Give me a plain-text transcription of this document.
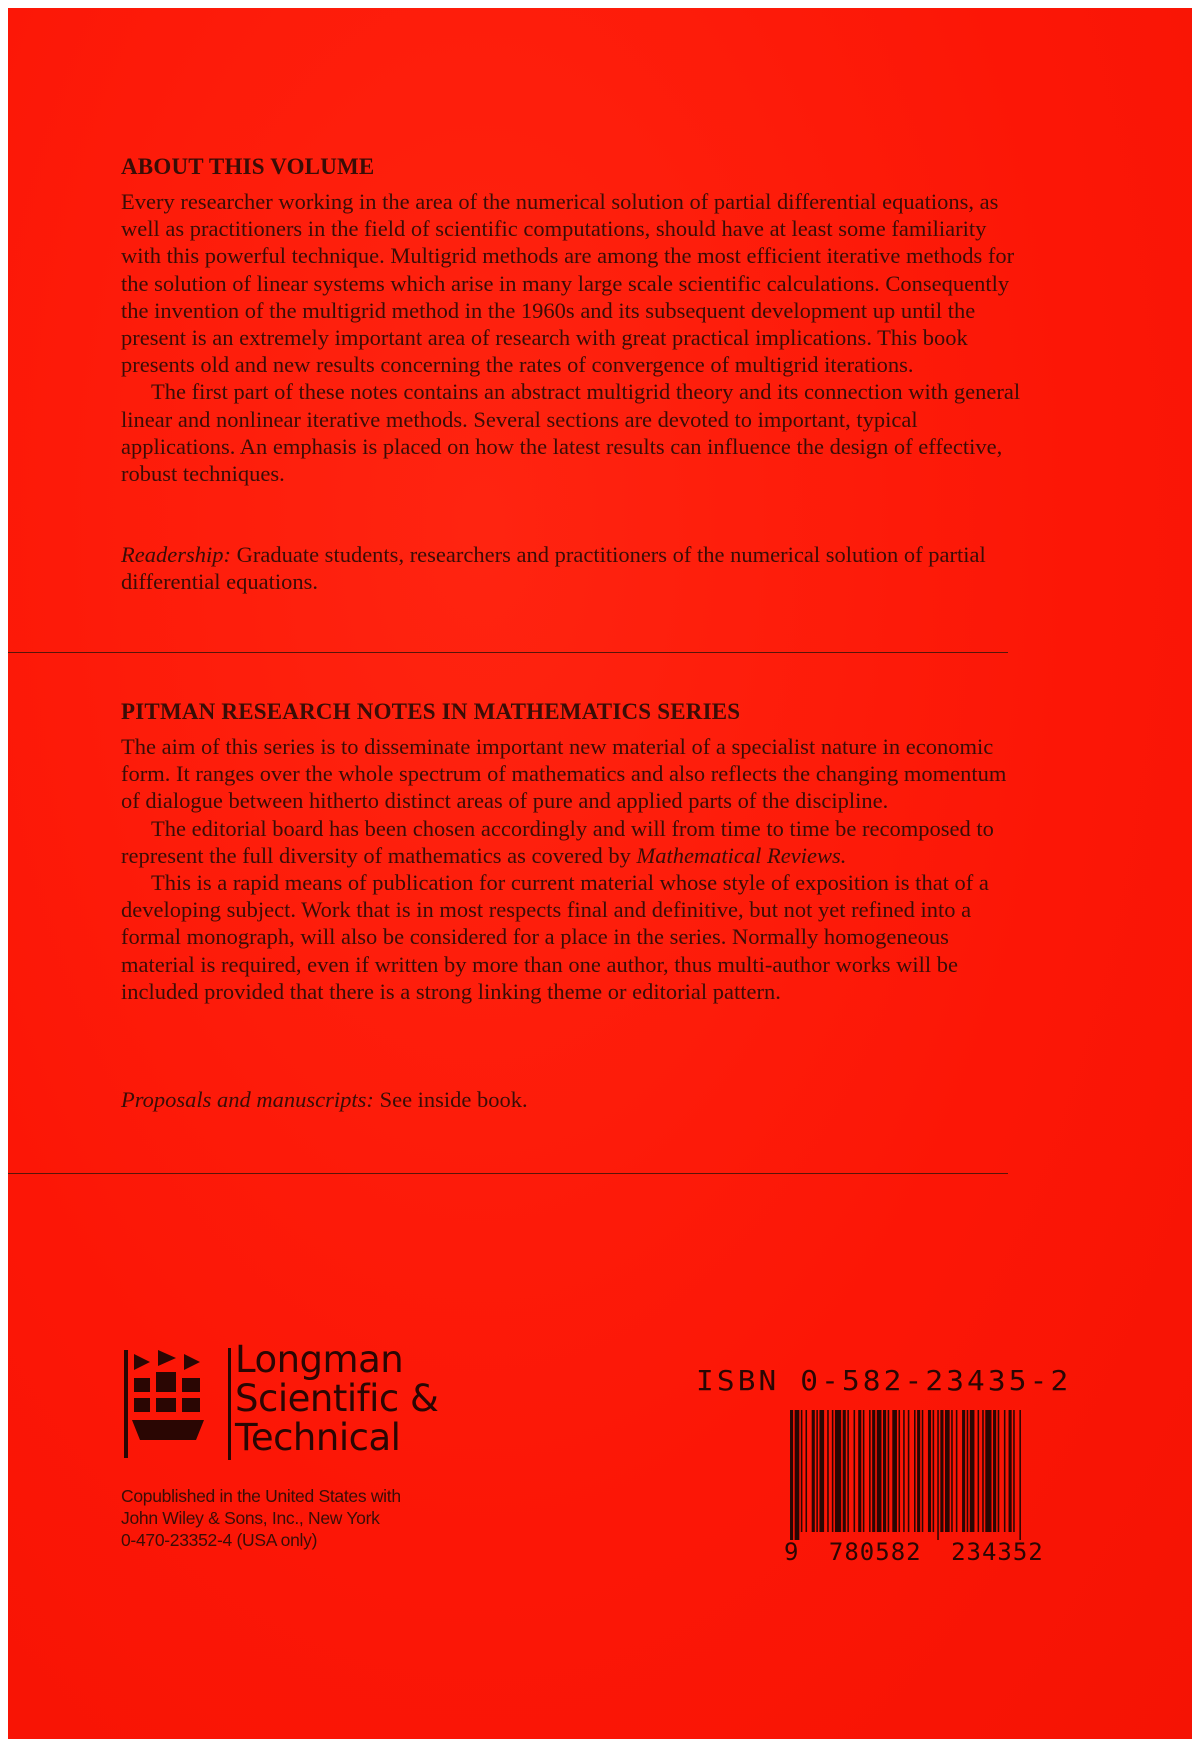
ABOUT THIS VOLUME

Every researcher working in the area of the numerical solution of partial differential equations, as well as practitioners in the field of scientific computations, should have at least some familiarity with this powerful technique. Multigrid methods are among the most efficient iterative methods for the solution of linear systems which arise in many large scale scientific calculations. Consequently the invention of the multigrid method in the 1960s and its subsequent development up until the present is an extremely important area of research with great practical implications. This book presents old and new results concerning the rates of convergence of multigrid iterations.

The first part of these notes contains an abstract multigrid theory and its connection with general linear and nonlinear iterative methods. Several sections are devoted to important, typical applications. An emphasis is placed on how the latest results can influence the design of effective, robust techniques.

Readership: Graduate students, researchers and practitioners of the numerical solution of partial differential equations.

PITMAN RESEARCH NOTES IN MATHEMATICS SERIES

The aim of this series is to disseminate important new material of a specialist nature in economic form. It ranges over the whole spectrum of mathematics and also reflects the changing momentum of dialogue between hitherto distinct areas of pure and applied parts of the discipline.

The editorial board has been chosen accordingly and will from time to time be recomposed to represent the full diversity of mathematics as covered by Mathematical Reviews.

This is a rapid means of publication for current material whose style of exposition is that of a developing subject. Work that is in most respects final and definitive, but not yet refined into a formal monograph, will also be considered for a place in the series. Normally homogeneous material is required, even if written by more than one author, thus multi-author works will be included provided that there is a strong linking theme or editorial pattern.

Proposals and manuscripts: See inside book.

Longman
Scientific &
Technical
Copublished in the United States with
John Wiley & Sons, Inc., New York
0-470-23352-4 (USA only)
ISBN 0-582-23435-2
9 780582 234352
